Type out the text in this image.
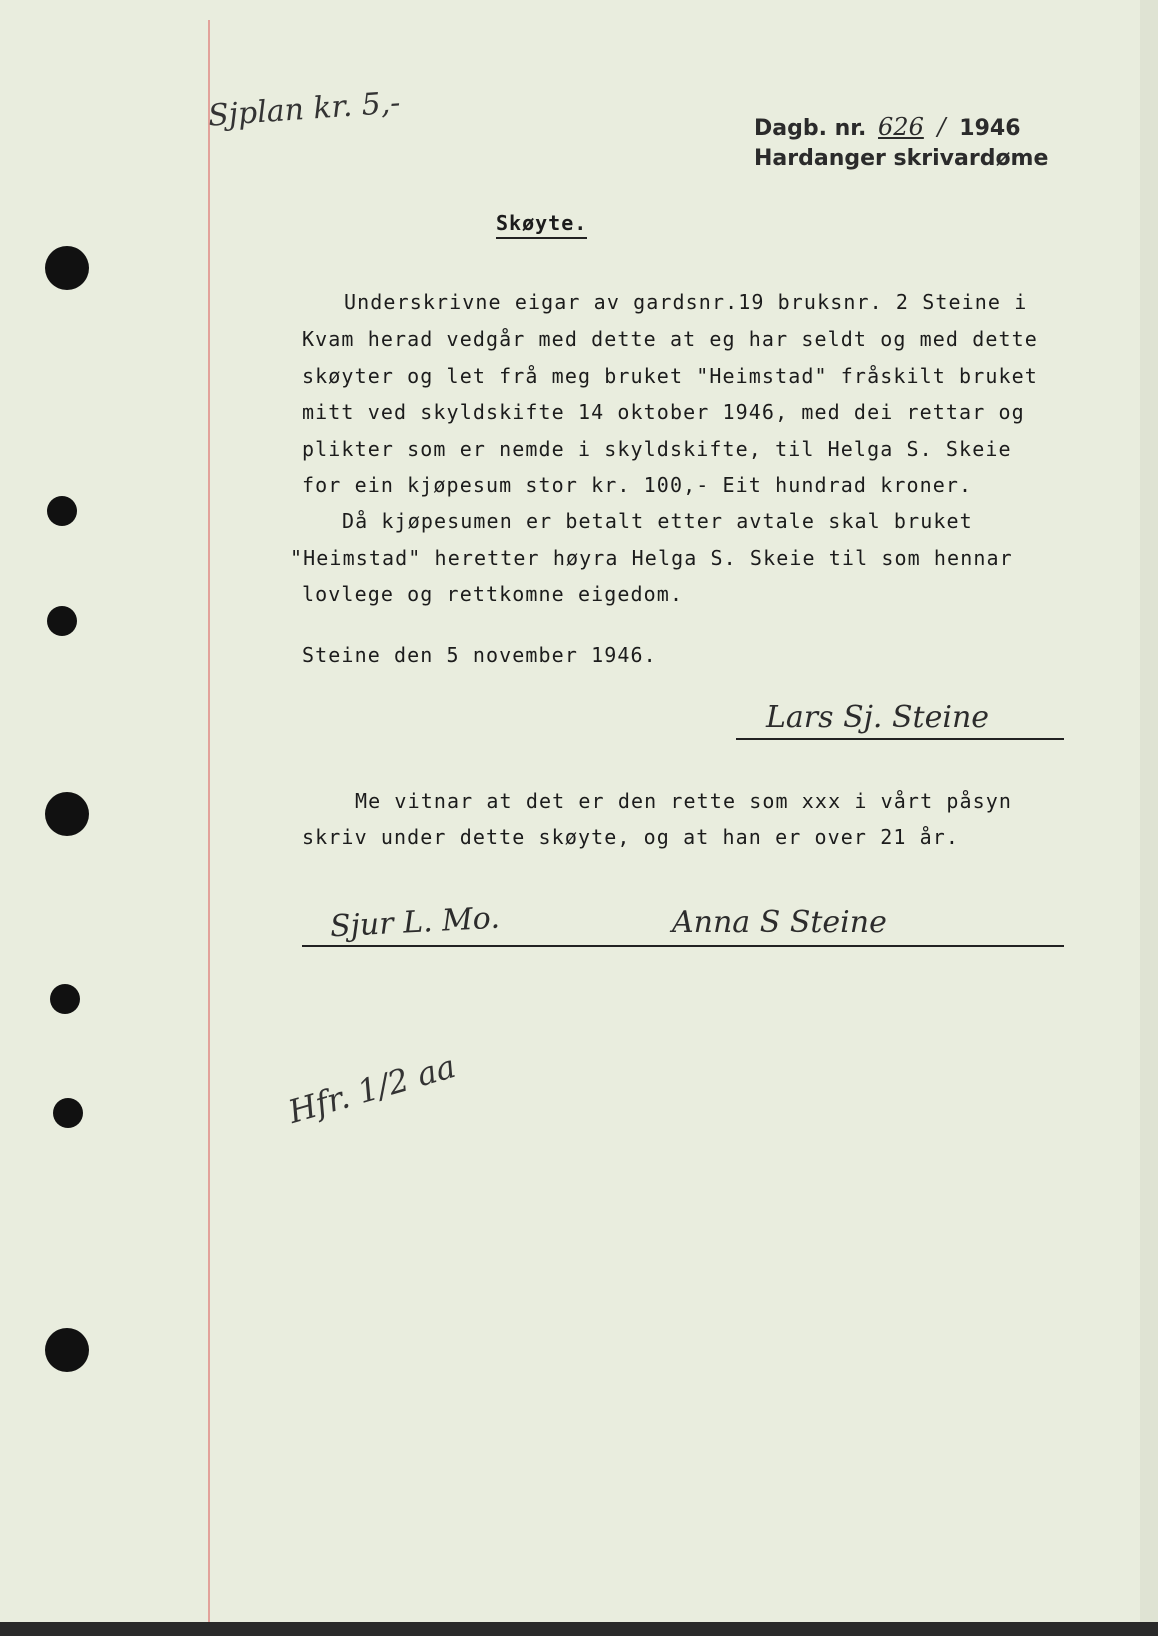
Sjplan kr. 5,-	Dagb. nr. 626 / 1946
Hardanger skrivardøme
Skøyte.
Underskrivne eigar av gardsnr.19 bruksnr. 2 Steine i
Kvam herad vedgår med dette at eg har seldt og med dette
skøyter og let frå meg bruket "Heimstad" fråskilt bruket
mitt ved skyldskifte 14 oktober 1946, med dei rettar og
plikter som er nemde i skyldskifte, til Helga S. Skeie
for ein kjøpesum stor kr. 100,- Eit hundrad kroner.
Då kjøpesumen er betalt etter avtale skal bruket
"Heimstad" heretter høyra Helga S. Skeie til som hennar
lovlege og rettkomne eigedom.
Steine den 5 november 1946.
Lars Sj. Steine
Me vitnar at det er den rette som xxx i vårt påsyn
skriv under dette skøyte, og at han er over 21 år.
Sjur L. Mo.	Anna S Steine
Hfr. 1/2 aa
